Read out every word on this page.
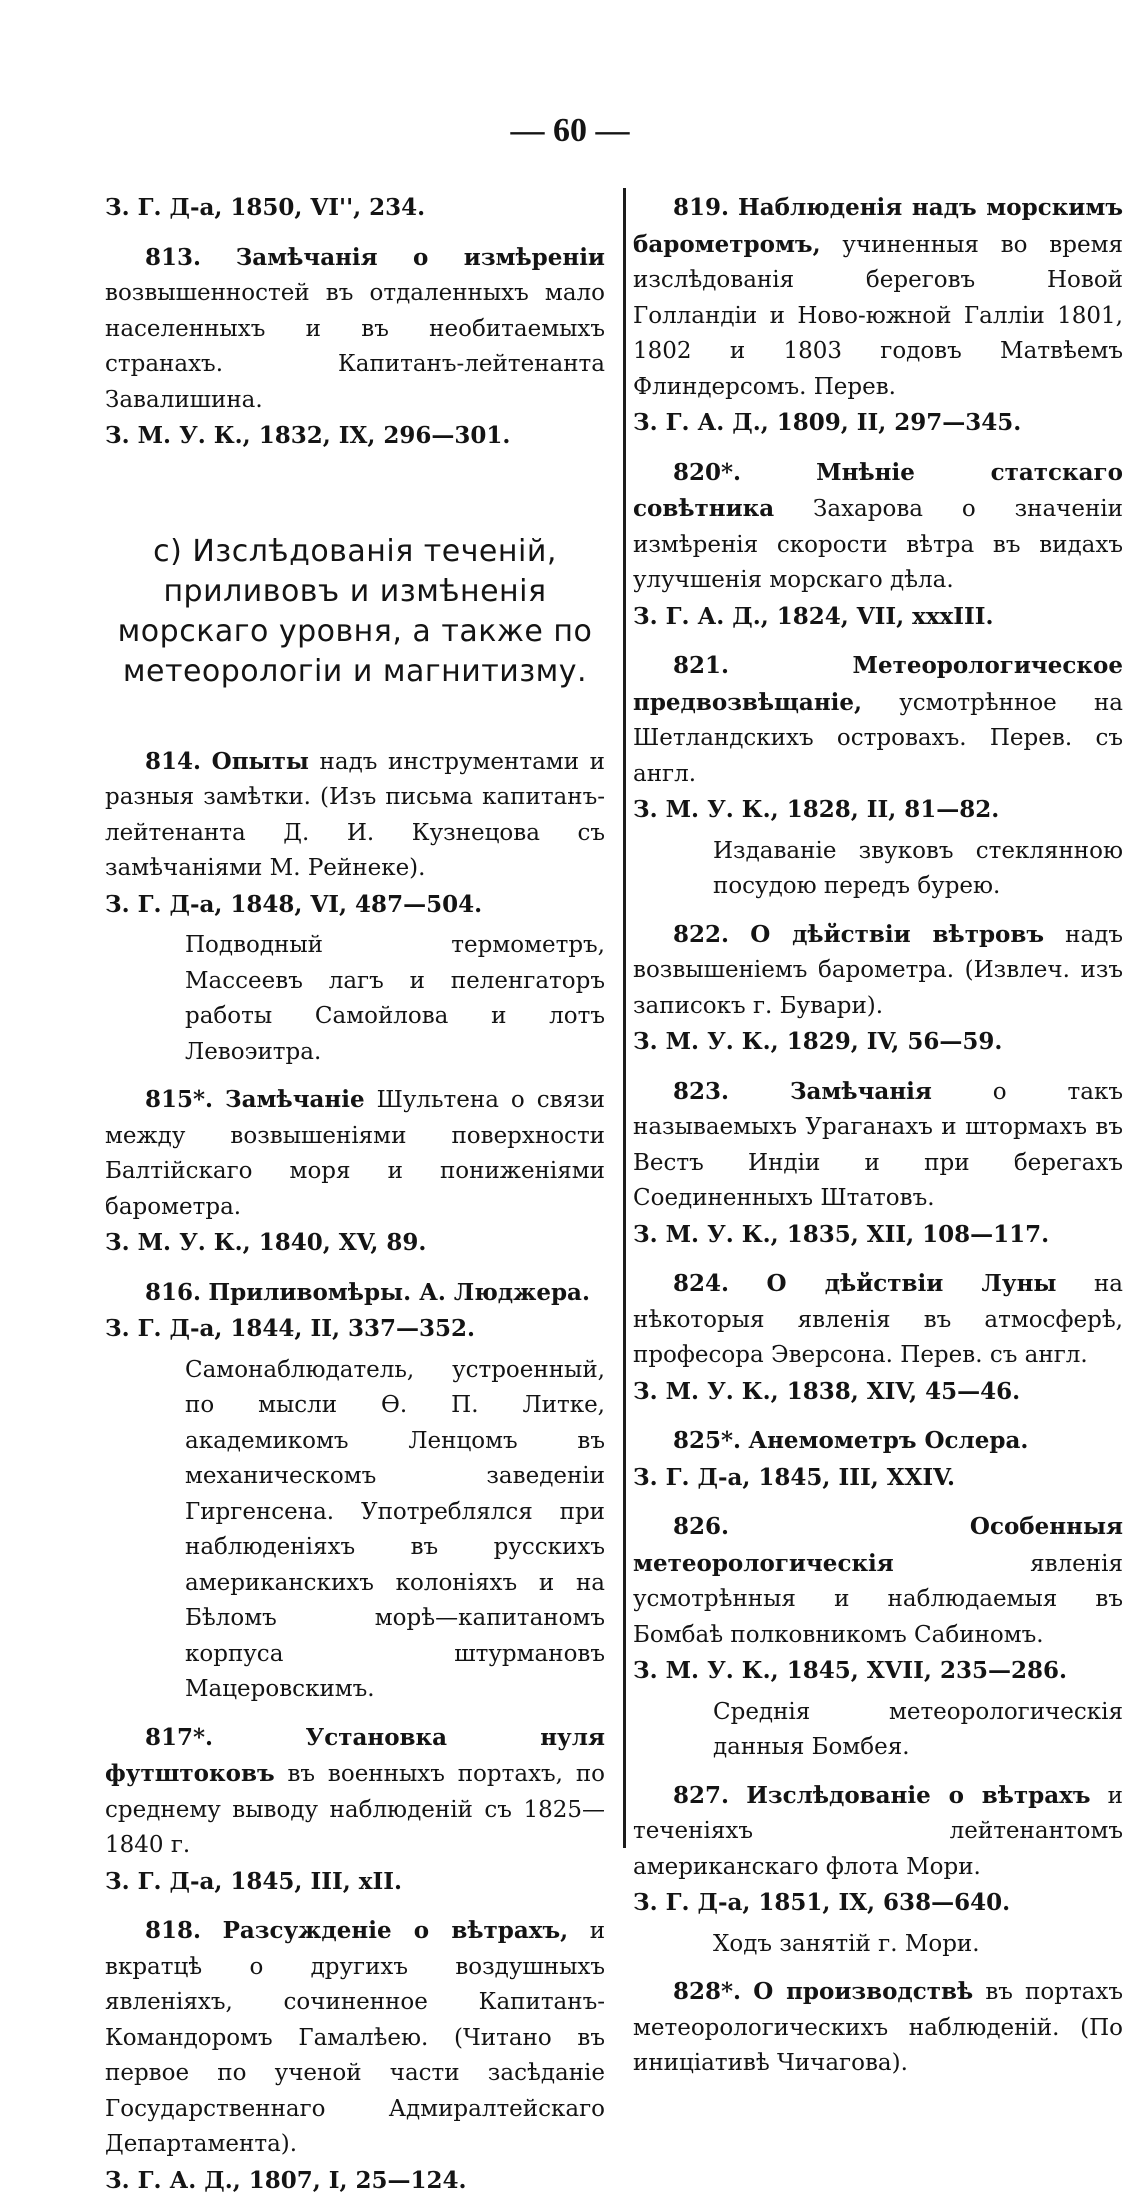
— 60 —

З. Г. Д-а, 1850, VI'', 234.

813. Замѣчанія о измѣреніи возвышенностей въ отдаленныхъ мало населенныхъ и въ необитаемыхъ странахъ. Капитанъ-лейтенанта Завалишина.

З. М. У. К., 1832, IX, 296—301.

с) Изслѣдованія теченій, приливовъ и измѣненія морскаго уровня, а также по метеорологіи и магнитизму.

814. Опыты надъ инструментами и разныя замѣтки. (Изъ письма капитанъ-лейтенанта Д. И. Кузнецова съ замѣчаніями М. Рейнеке).

З. Г. Д-а, 1848, VI, 487—504.

Подводный термометръ, Массеевъ лагъ и пеленгаторъ работы Самойлова и лотъ Левоэитра.

815*. Замѣчаніе Шультена о связи между возвышеніями поверхности Балтійскаго моря и пониженіями барометра.

З. М. У. К., 1840, XV, 89.

816. Приливомѣры. А. Люджера.

З. Г. Д-а, 1844, II, 337—352.

Самонаблюдатель, устроенный, по мысли Ѳ. П. Литке, академикомъ Ленцомъ въ механическомъ заведеніи Гиргенсена. Употреблялся при наблюденіяхъ въ русскихъ американскихъ колоніяхъ и на Бѣломъ морѣ—капитаномъ корпуса штурмановъ Мацеровскимъ.

817*.	Установка нуля футштоковъ въ военныхъ портахъ, по среднему выводу наблюденій съ 1825—1840 г.

З. Г. Д-а, 1845, III, xII.

818. Разсужденіе о вѣтрахъ, и вкратцѣ о другихъ воздушныхъ явленіяхъ, сочиненное Капитанъ-Командоромъ Гамалѣею. (Читано въ первое по ученой части засѣданіе Государственнаго Адмиралтейскаго Департамента).

З. Г. А. Д., 1807, I, 25—124.

819. Наблюденія надъ морскимъ барометромъ, учиненныя во время изслѣдованія береговъ Новой Голландіи и Ново-южной Галліи 1801, 1802 и 1803 годовъ Матвѣемъ Флиндерсомъ. Перев.

З. Г. А. Д., 1809, II, 297—345.

820*.	Мнѣніе статскаго совѣтника Захарова о значеніи измѣренія скорости вѣтра въ видахъ улучшенія морскаго дѣла.

З. Г. А. Д., 1824, VII, xxxIII.

821.	Метеорологическое предвозвѣщаніе, усмотрѣнное на Шетландскихъ островахъ. Перев. съ англ.

З. М. У. К., 1828, II, 81—82.

Издаваніе звуковъ стеклянною посудою передъ бурею.

822. О дѣйствіи вѣтровъ надъ возвышеніемъ барометра. (Извлеч. изъ записокъ г. Бувари).

З. М. У. К., 1829, IV, 56—59.

823.	Замѣчанія	о такъ называемыхъ Ураганахъ и штормахъ въ Вестъ Индіи и при берегахъ Соединенныхъ Штатовъ.

З. М. У. К., 1835, XII, 108—117.

824. О дѣйствіи Луны на нѣкоторыя явленія въ атмосферѣ, професора Эверсона. Перев. съ англ.

З. М. У. К., 1838, XIV, 45—46.

825*. Анемометръ Ослера.

З. Г. Д-а, 1845, III, XXIV.

826.	Особенныя метеорологическія	явленія усмотрѣнныя и наблюдаемыя въ Бомбаѣ полковникомъ Сабиномъ.

З. М. У. К., 1845, XVII, 235—286.

Среднія метеорологическія данныя Бомбея.

827. Изслѣдованіе о вѣтрахъ и теченіяхъ лейтенантомъ американскаго флота Мори.

З. Г. Д-а, 1851, IX, 638—640.

Ходъ занятій г. Мори.

828*. О производствѣ въ портахъ метеорологическихъ наблюденій. (По иниціативѣ Чичагова).
